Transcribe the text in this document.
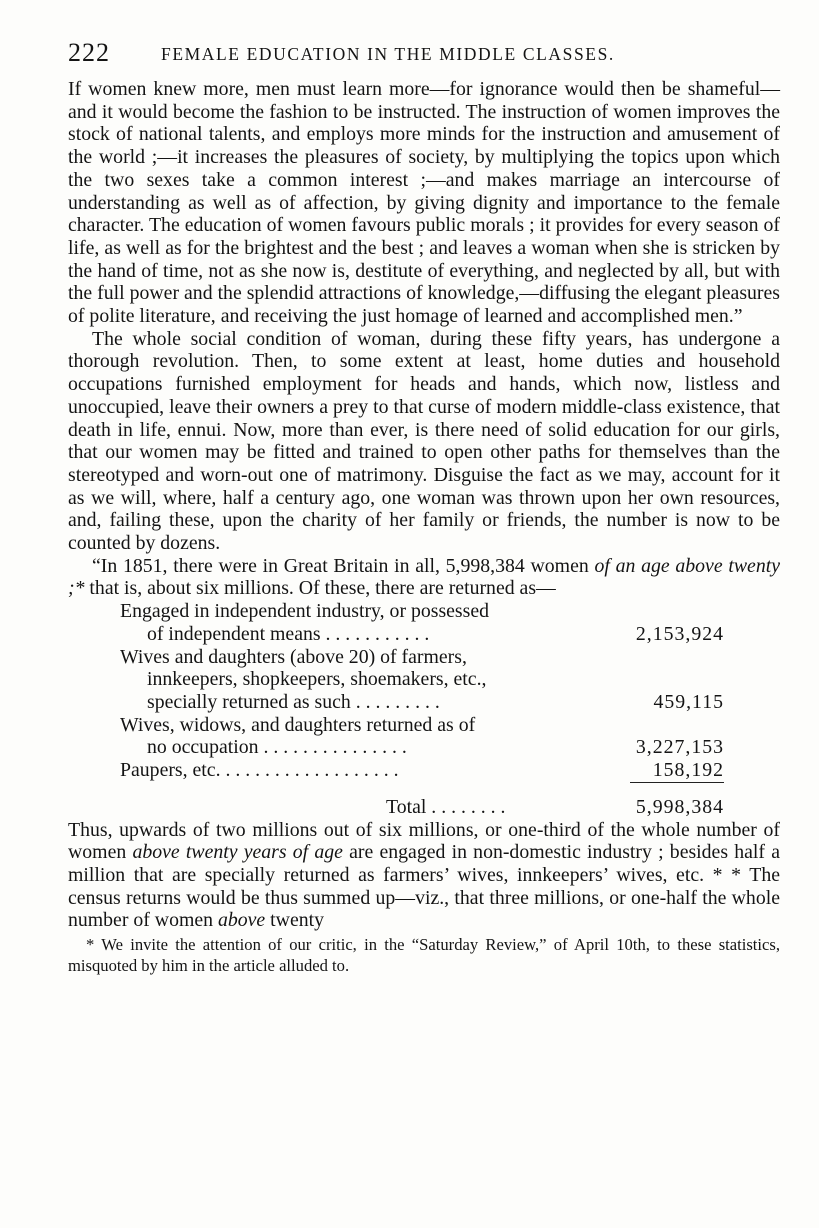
222	FEMALE EDUCATION IN THE MIDDLE CLASSES.

If women knew more, men must learn more—for ignorance would then be shameful—and it would become the fashion to be instructed. The instruction of women improves the stock of national talents, and employs more minds for the instruction and amusement of the world ;—it increases the pleasures of society, by multiplying the topics upon which the two sexes take a common interest ;—and makes marriage an intercourse of understanding as well as of affection, by giving dignity and importance to the female character. The education of women favours public morals ; it provides for every season of life, as well as for the brightest and the best ; and leaves a woman when she is stricken by the hand of time, not as she now is, destitute of everything, and neglected by all, but with the full power and the splendid attractions of knowledge,—diffusing the elegant pleasures of polite literature, and receiving the just homage of learned and accomplished men.”

The whole social condition of woman, during these fifty years, has undergone a thorough revolution. Then, to some extent at least, home duties and household occupations furnished employment for heads and hands, which now, listless and unoccupied, leave their owners a prey to that curse of modern middle-class existence, that death in life, ennui. Now, more than ever, is there need of solid education for our girls, that our women may be fitted and trained to open other paths for themselves than the stereotyped and worn-out one of matrimony. Disguise the fact as we may, account for it as we will, where, half a century ago, one woman was thrown upon her own resources, and, failing these, upon the charity of her family or friends, the number is now to be counted by dozens.

“In 1851, there were in Great Britain in all, 5,998,384 women of an age above twenty ;* that is, about six millions. Of these, there are returned as—

Engaged in independent industry, or possessed
of independent means . . . . . . . . . . .	2,153,924
Wives and daughters (above 20) of farmers,
innkeepers, shopkeepers, shoemakers, etc.,
specially returned as such . . . . . . . . .	459,115
Wives, widows, and daughters returned as of
no occupation . . . . . . . . . . . . . . .	3,227,153
Paupers, etc. . . . . . . . . . . . . . . . . . .	158,192
Total . . . . . . . .	5,998,384

Thus, upwards of two millions out of six millions, or one-third of the whole number of women above twenty years of age are engaged in non-domestic industry ; besides half a million that are specially returned as farmers’ wives, innkeepers’ wives, etc. * * The census returns would be thus summed up—viz., that three millions, or one-half the whole number of women above twenty

* We invite the attention of our critic, in the “Saturday Review,” of April 10th, to these statistics, misquoted by him in the article alluded to.
